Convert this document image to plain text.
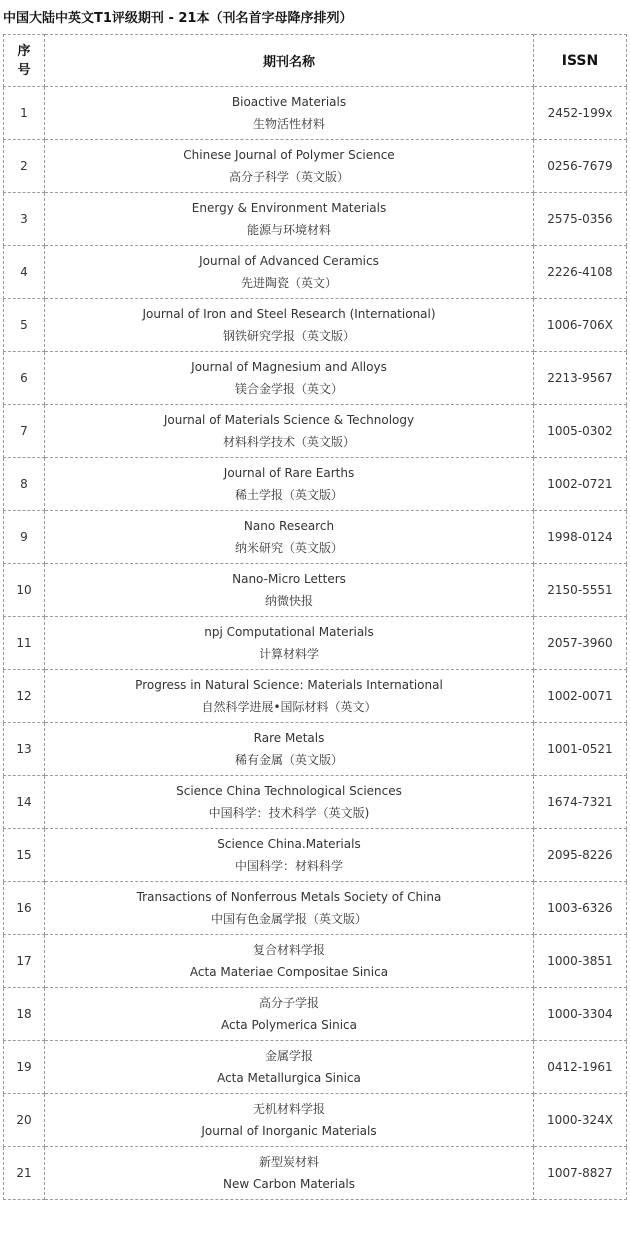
中国大陆中英文T1评级期刊 - 21本（刊名首字母降序排列）
序
号	期刊名称	ISSN
1	Bioactive Materials
生物活性材料	2452-199x
2	Chinese Journal of Polymer Science
高分子科学（英文版）	0256-7679
3	Energy & Environment Materials
能源与环境材料	2575-0356
4	Journal of Advanced Ceramics
先进陶瓷（英文）	2226-4108
5	Journal of Iron and Steel Research (International)
钢铁研究学报（英文版）	1006-706X
6	Journal of Magnesium and Alloys
镁合金学报（英文）	2213-9567
7	Journal of Materials Science & Technology
材料科学技术（英文版）	1005-0302
8	Journal of Rare Earths
稀土学报（英文版）	1002-0721
9	Nano Research
纳米研究（英文版）	1998-0124
10	Nano-Micro Letters
纳微快报	2150-5551
11	npj Computational Materials
计算材料学	2057-3960
12	Progress in Natural Science: Materials International
自然科学进展•国际材料（英文）	1002-0071
13	Rare Metals
稀有金属（英文版）	1001-0521
14	Science China Technological Sciences
中国科学：技术科学（英文版)	1674-7321
15	Science China.Materials
中国科学：材料科学	2095-8226
16	Transactions of Nonferrous Metals Society of China
中国有色金属学报（英文版）	1003-6326
17	复合材料学报
Acta Materiae Compositae Sinica	1000-3851
18	高分子学报
Acta Polymerica Sinica	1000-3304
19	金属学报
Acta Metallurgica Sinica	0412-1961
20	无机材料学报
Journal of Inorganic Materials	1000-324X
21	新型炭材料
New Carbon Materials	1007-8827
